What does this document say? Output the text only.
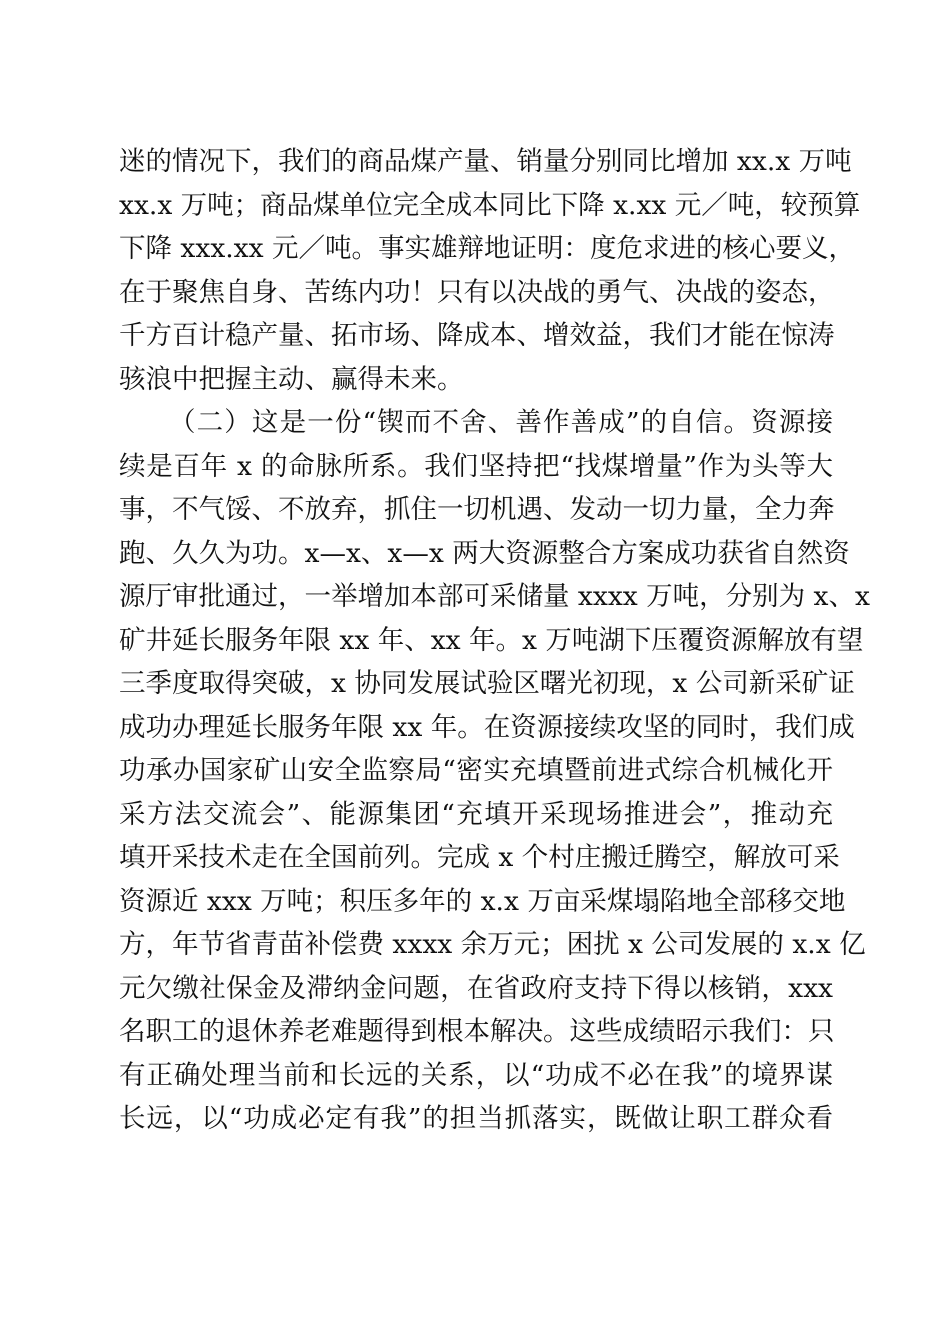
迷的情况下，我们的商品煤产量、销量分别同比增加 xx.x 万吨
xx.x 万吨；商品煤单位完全成本同比下降 x.xx 元／吨，较预算
下降 xxx.xx 元／吨。事实雄辩地证明：度危求进的核心要义，
在于聚焦自身、苦练内功！只有以决战的勇气、决战的姿态，
千方百计稳产量、拓市场、降成本、增效益，我们才能在惊涛
骇浪中把握主动、赢得未来。
（二）这是一份“锲而不舍、善作善成”的自信。资源接
续是百年 x 的命脉所系。我们坚持把“找煤增量”作为头等大
事，不气馁、不放弃，抓住一切机遇、发动一切力量，全力奔
跑、久久为功。x—x、x—x 两大资源整合方案成功获省自然资
源厅审批通过，一举增加本部可采储量 xxxx 万吨，分别为 x、x
矿井延长服务年限 xx 年、xx 年。x 万吨湖下压覆资源解放有望
三季度取得突破，x 协同发展试验区曙光初现，x 公司新采矿证
成功办理延长服务年限 xx 年。在资源接续攻坚的同时，我们成
功承办国家矿山安全监察局“密实充填暨前进式综合机械化开
采方法交流会”、能源集团“充填开采现场推进会”，推动充
填开采技术走在全国前列。完成 x 个村庄搬迁腾空，解放可采
资源近 xxx 万吨；积压多年的 x.x 万亩采煤塌陷地全部移交地
方，年节省青苗补偿费 xxxx 余万元；困扰 x 公司发展的 x.x 亿
元欠缴社保金及滞纳金问题，在省政府支持下得以核销，xxx
名职工的退休养老难题得到根本解决。这些成绩昭示我们：只
有正确处理当前和长远的关系，以“功成不必在我”的境界谋
长远，以“功成必定有我”的担当抓落实，既做让职工群众看
